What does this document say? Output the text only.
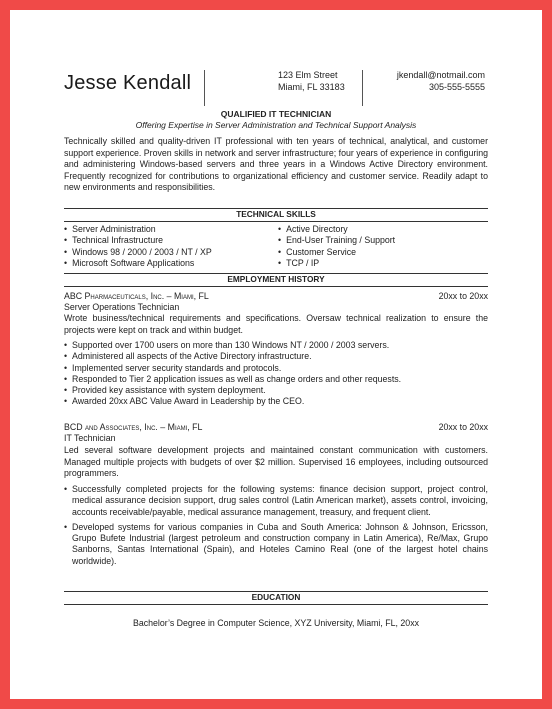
Jesse Kendall	123 Elm Street
Miami, FL 33183
jkendall@notmail.com
305-555-5555
QUALIFIED IT TECHNICIAN
Offering Expertise in Server Administration and Technical Support Analysis
Technically skilled and quality-driven IT professional with ten years of technical, analytical, and customer support experience. Proven skills in network and server infrastructure; four years of experience in configuring and administering Windows-based servers and three years in a Windows Active Directory environment. Frequently recognized for contributions to organizational efficiency and customer service. Readily adapt to new environments and responsibilities.
TECHNICAL SKILLS
• Server Administration
• Technical Infrastructure
• Windows 98 / 2000 / 2003 / NT / XP
• Microsoft Software Applications
• Active Directory
• End-User Training / Support
• Customer Service
• TCP / IP
EMPLOYMENT HISTORY
ABC Pharmaceuticals, Inc. – Miami, FL	20xx to 20xx
Server Operations Technician
Wrote business/technical requirements and specifications. Oversaw technical realization to ensure the projects were kept on track and within budget.
• Supported over 1700 users on more than 130 Windows NT / 2000 / 2003 servers.
• Administered all aspects of the Active Directory infrastructure.
• Implemented server security standards and protocols.
• Responded to Tier 2 application issues as well as change orders and other requests.
• Provided key assistance with system deployment.
• Awarded 20xx ABC Value Award in Leadership by the CEO.
BCD and Associates, Inc. – Miami, FL	20xx to 20xx
IT Technician
Led several software development projects and maintained constant communication with customers. Managed multiple projects with budgets of over $2 million. Supervised 16 employees, including outsourced programmers.
• Successfully completed projects for the following systems: finance decision support, project control, medical assurance decision support, drug sales control (Latin American market), assets control, invoicing, accounts receivable/payable, medical assurance management, treasury, and frequent client.
• Developed systems for various companies in Cuba and South America: Johnson & Johnson, Ericsson, Grupo Bufete Industrial (largest petroleum and construction company in Latin America), Re/Max, Grupo Sanborns, Santas International (Spain), and Hoteles Camino Real (one of the largest hotel chains worldwide).
EDUCATION
Bachelor’s Degree in Computer Science, XYZ University, Miami, FL, 20xx
